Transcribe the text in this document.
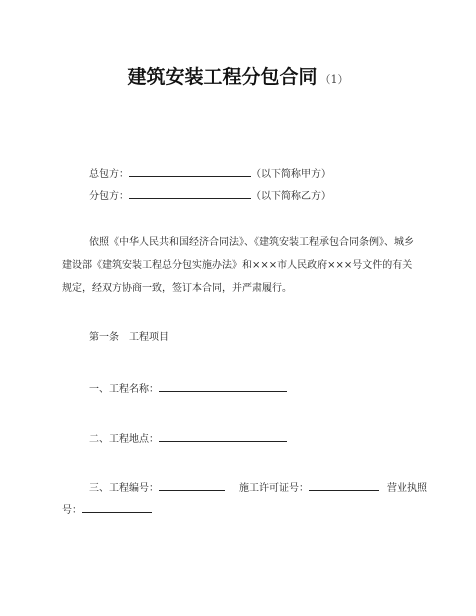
建筑安装工程分包合同 （1）
总包方：	（以下简称甲方）
分包方：	（以下简称乙方）
依照《中华人民共和国经济合同法》、《建筑安装工程承包合同条例》、城乡
建设部《建筑安装工程总分包实施办法》和×××市人民政府×××号文件的有关
规定，经双方协商一致，签订本合同，并严肃履行。
第一条　工程项目
一、工程名称：
二、工程地点：
三、工程编号：	施工许可证号：	营业执照
号：
